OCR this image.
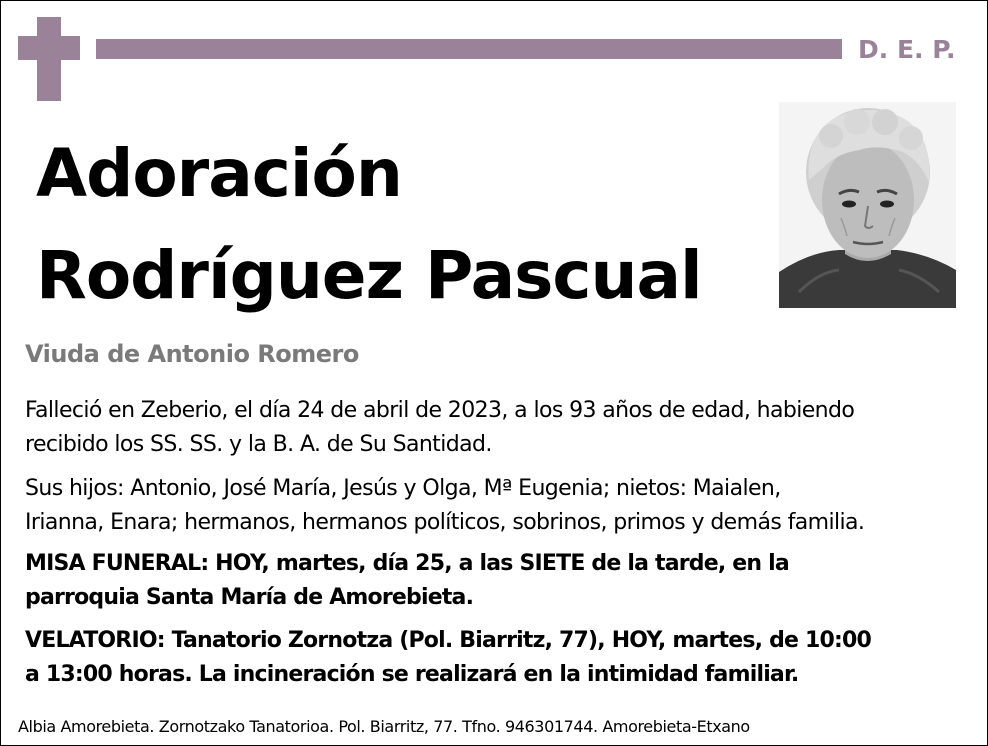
D. E. P.
Adoración
Rodríguez Pascual
Viuda de Antonio Romero
Falleció en Zeberio, el día 24 de abril de 2023, a los 93 años de edad, habiendo
recibido los SS. SS. y la B. A. de Su Santidad.
Sus hijos: Antonio, José María, Jesús y Olga, Mª Eugenia; nietos: Maialen,
Irianna, Enara; hermanos, hermanos políticos, sobrinos, primos y demás familia.
MISA FUNERAL: HOY, martes, día 25, a las SIETE de la tarde, en la
parroquia Santa María de Amorebieta.
VELATORIO: Tanatorio Zornotza (Pol. Biarritz, 77), HOY, martes, de 10:00
a 13:00 horas. La incineración se realizará en la intimidad familiar.
Albia Amorebieta. Zornotzako Tanatorioa. Pol. Biarritz, 77. Tfno. 946301744. Amorebieta-Etxano
